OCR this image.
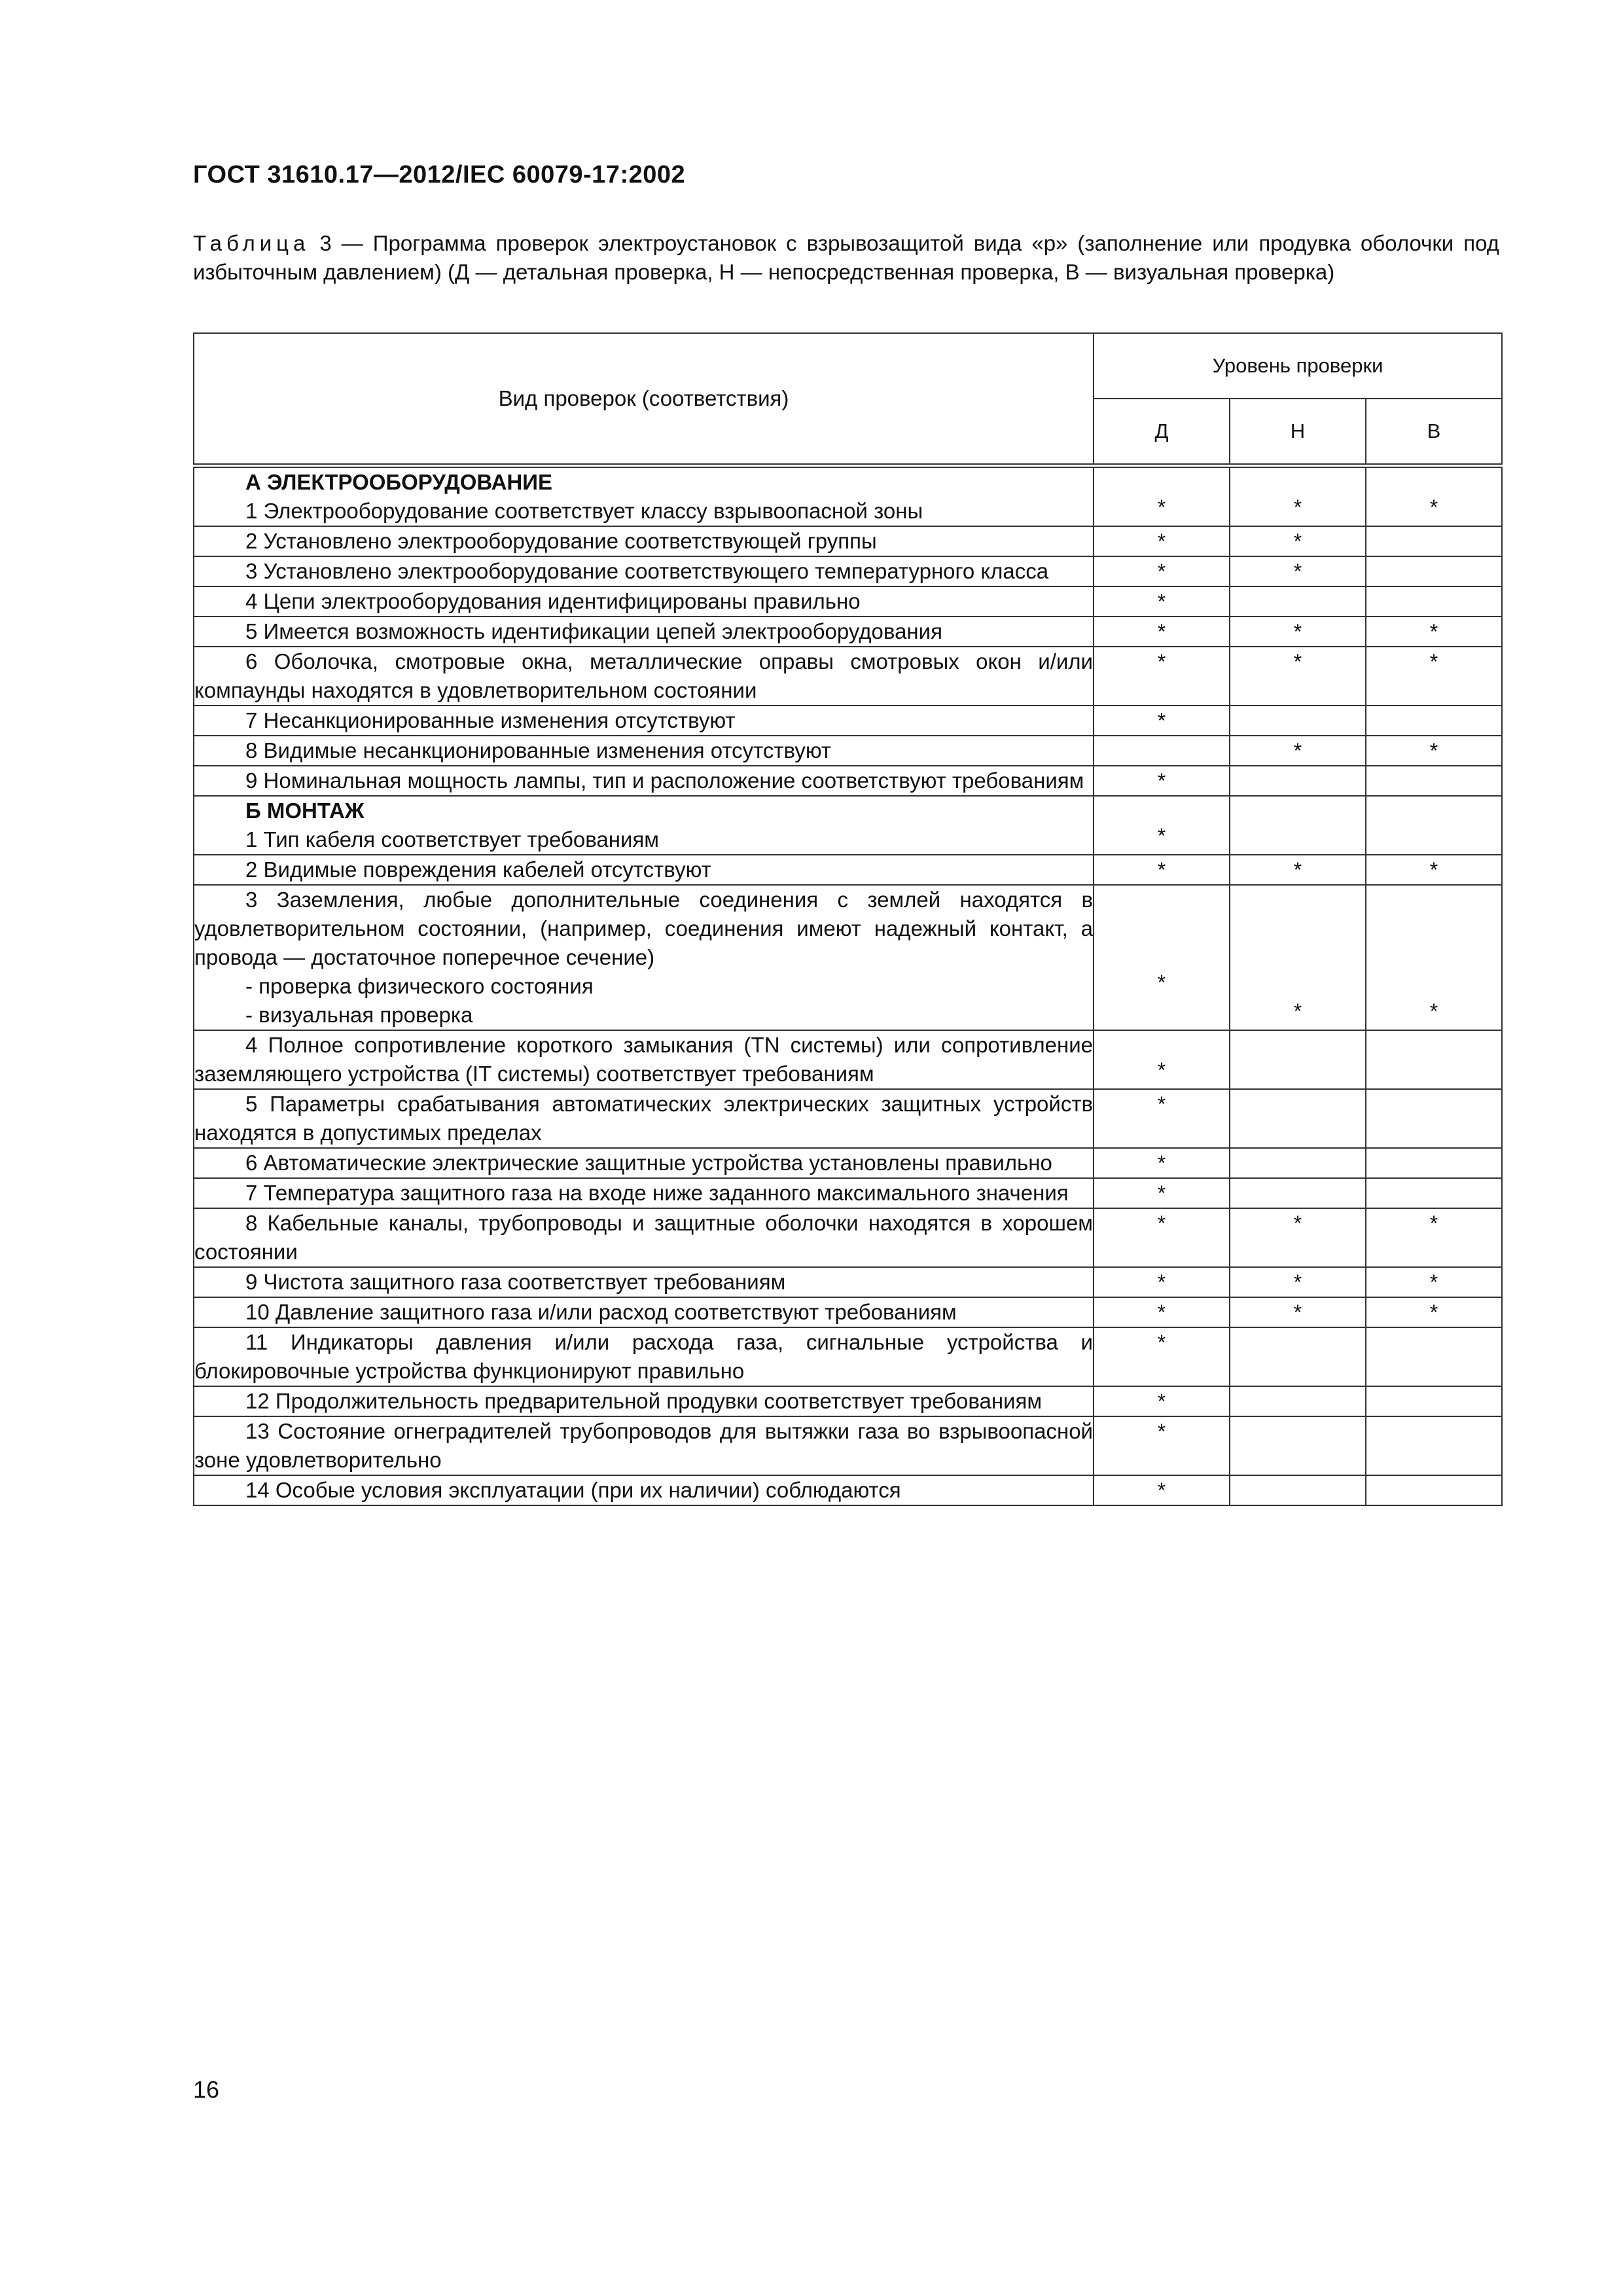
ГОСТ 31610.17—2012/IEC 60079-17:2002
Таблица 3 — Программа проверок электроустановок с взрывозащитой вида «p» (заполнение или продувка оболочки под избыточным давлением) (Д — детальная проверка, Н — непосредственная проверка, В — визуальная проверка)
Вид проверок (соответствия)	Уровень проверки		
	Д	Н	В

А ЭЛЕКТРООБОРУДОВАНИЕ
1 Электрооборудование соответствует классу взрывоопасной зоны	*	*	*

2 Установлено электрооборудование соответствующей группы	*	*	

3 Установлено электрооборудование соответствующего температурного класса	*	*	

4 Цепи электрооборудования идентифицированы правильно	*		

5 Имеется возможность идентификации цепей электрооборудования	*	*	*

6 Оболочка, смотровые окна, металлические оправы смотровых окон и/или компаунды находятся в удовлетворительном состоянии	*	*	*

7 Несанкционированные изменения отсутствуют	*		

8 Видимые несанкционированные изменения отсутствуют		*	*

9 Номинальная мощность лампы, тип и расположение соответствуют требованиям	*		

Б МОНТАЖ
1 Тип кабеля соответствует требованиям	*		

2 Видимые повреждения кабелей отсутствуют	*	*	*

3 Заземления, любые дополнительные соединения с землей находятся в удовлетворительном состоянии, (например, соединения имеют надежный контакт, а провода — достаточное поперечное сечение)
- проверка физического состояния
- визуальная проверка	*	*	*

4 Полное сопротивление короткого замыкания (TN системы) или сопротивление заземляющего устройства (IT системы) соответствует требованиям	*		

5 Параметры срабатывания автоматических электрических защитных устройств находятся в допустимых пределах	*		

6 Автоматические электрические защитные устройства установлены правильно	*		

7 Температура защитного газа на входе ниже заданного максимального значения	*		

8 Кабельные каналы, трубопроводы и защитные оболочки находятся в хорошем состоянии	*	*	*

9 Чистота защитного газа соответствует требованиям	*	*	*

10 Давление защитного газа и/или расход соответствуют требованиям	*	*	*

11 Индикаторы давления и/или расхода газа, сигнальные устройства и блокировочные устройства функционируют правильно	*		

12 Продолжительность предварительной продувки соответствует требованиям	*		

13 Состояние огнеградителей трубопроводов для вытяжки газа во взрывоопасной зоне удовлетворительно	*		

14 Особые условия эксплуатации (при их наличии) соблюдаются	*		
16
